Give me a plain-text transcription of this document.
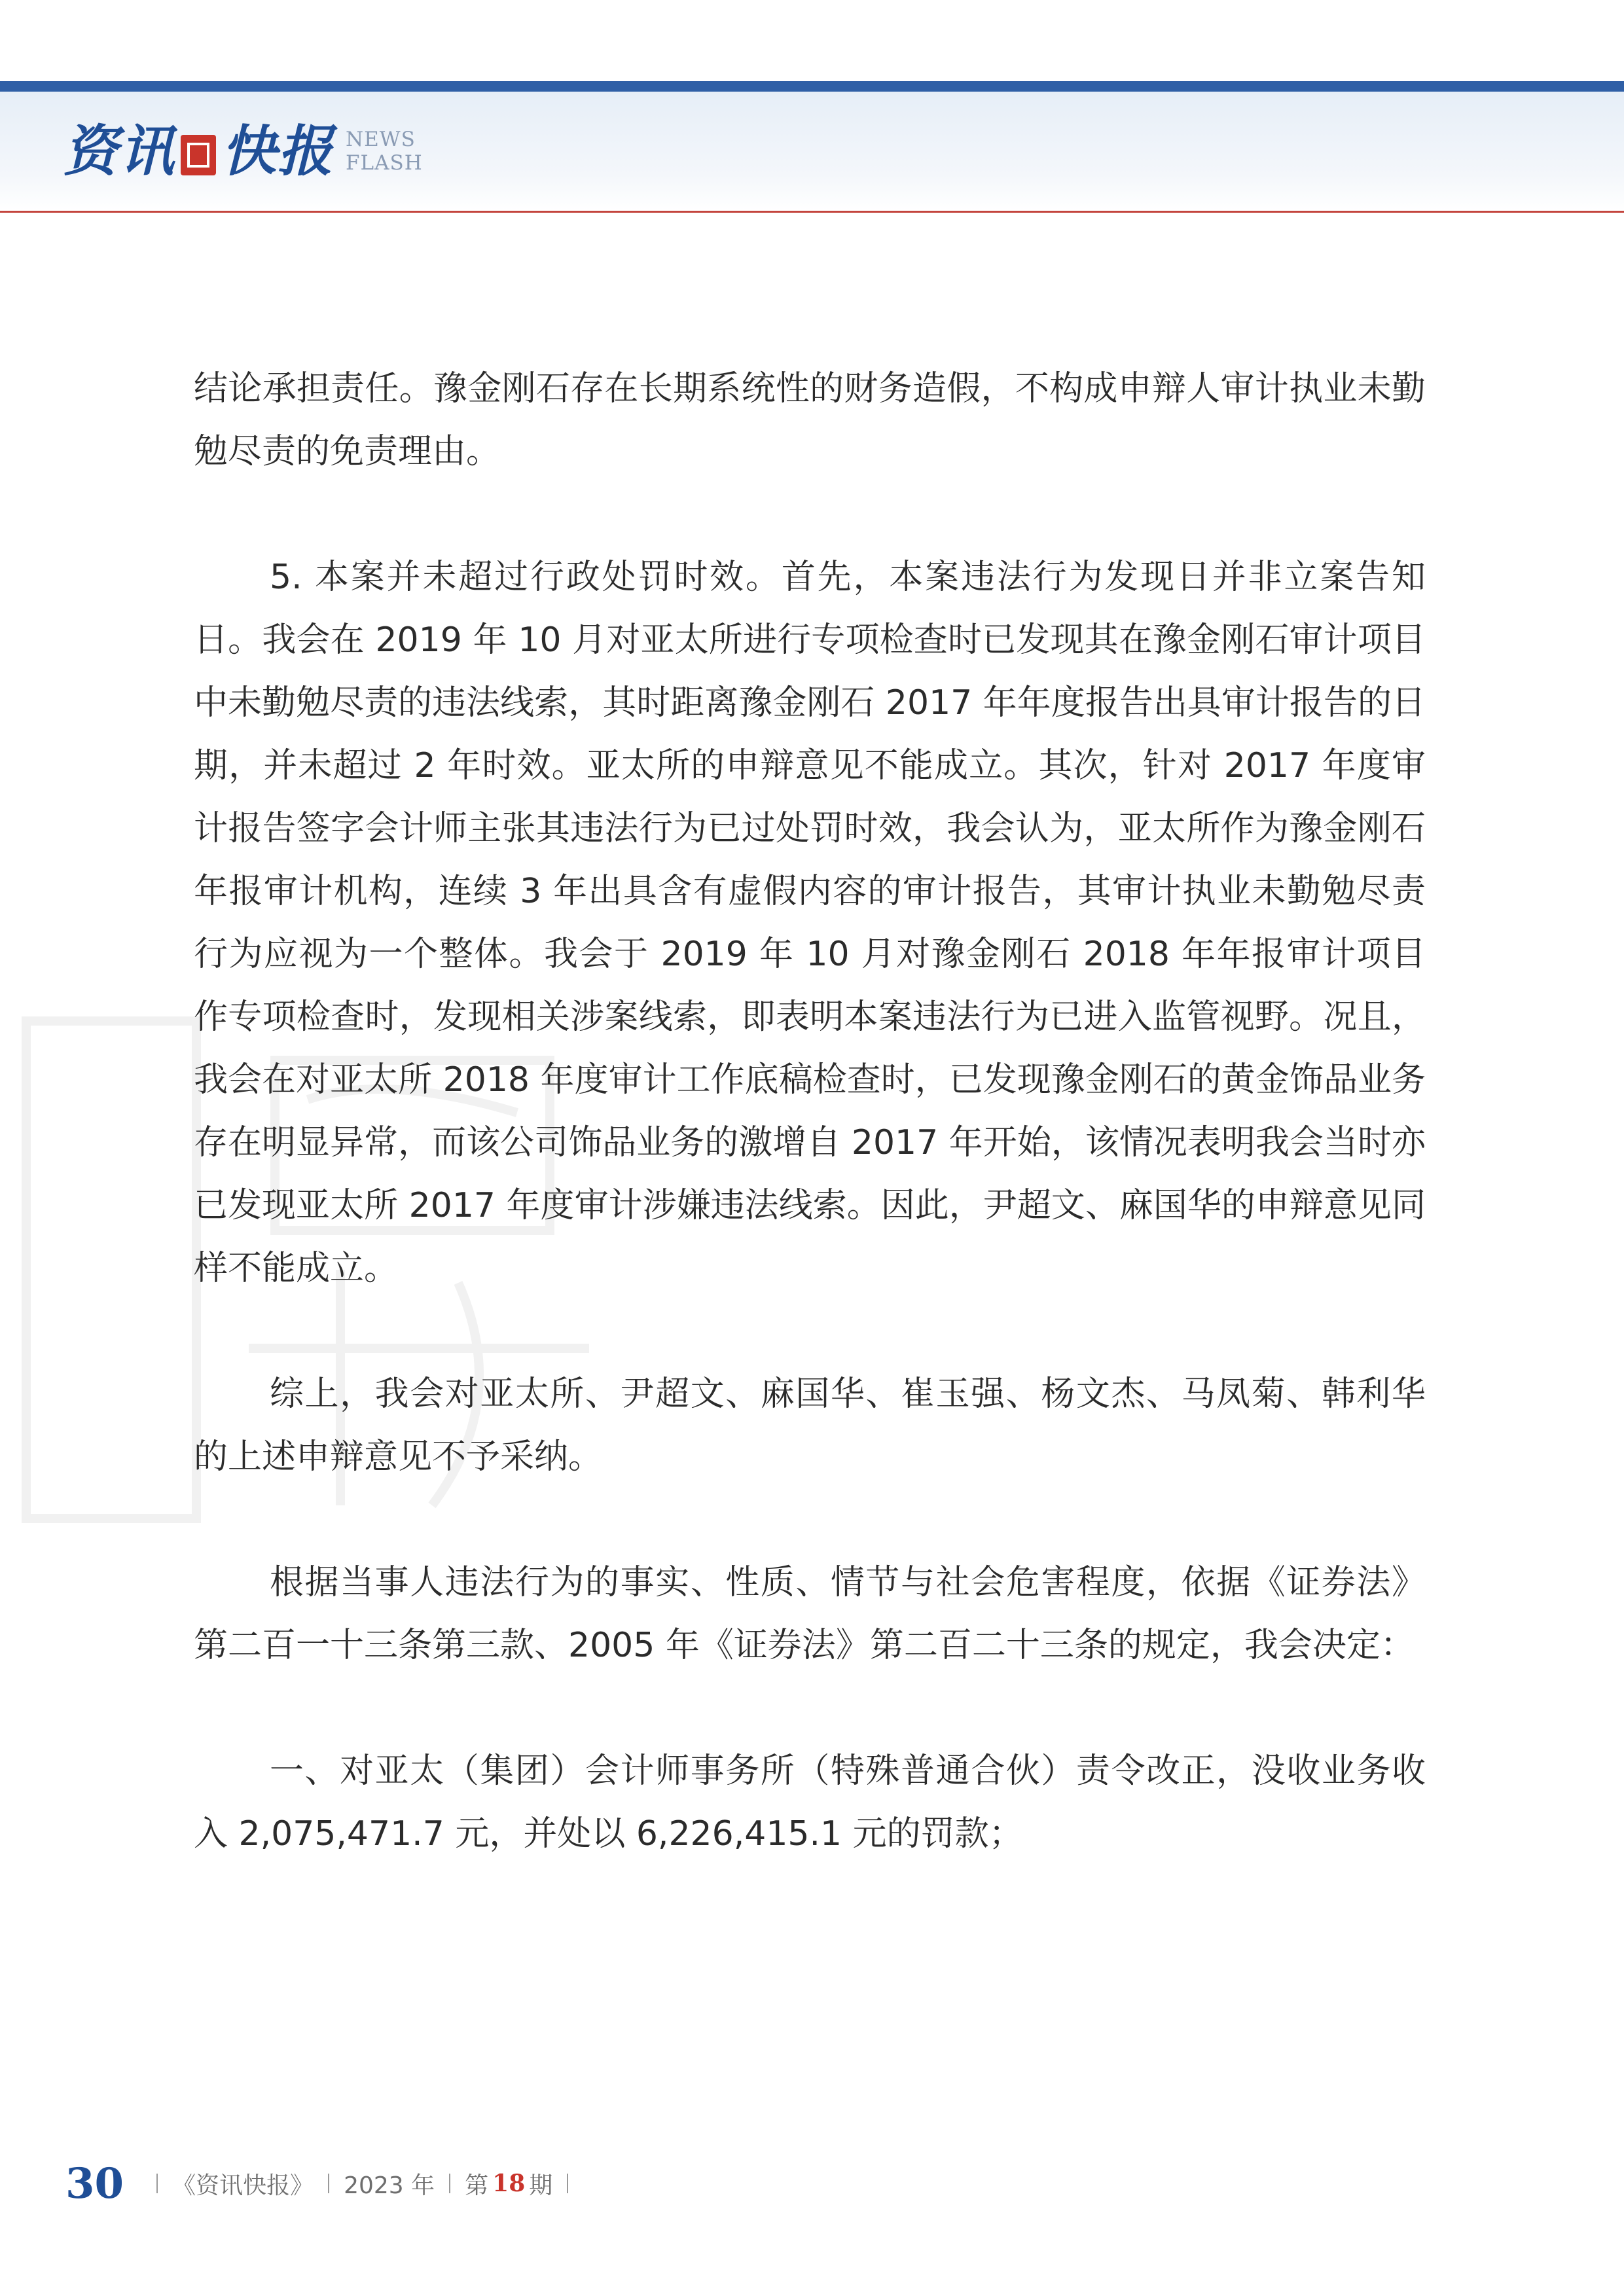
资讯 快报 NEWS
FLASH

结论承担责任。豫金刚石存在长期系统性的财务造假，不构成申辩人审计执业未勤勉尽责的免责理由。

5. 本案并未超过行政处罚时效。首先，本案违法行为发现日并非立案告知日。我会在 2019 年 10 月对亚太所进行专项检查时已发现其在豫金刚石审计项目中未勤勉尽责的违法线索，其时距离豫金刚石 2017 年年度报告出具审计报告的日期，并未超过 2 年时效。亚太所的申辩意见不能成立。其次，针对 2017 年度审计报告签字会计师主张其违法行为已过处罚时效，我会认为，亚太所作为豫金刚石年报审计机构，连续 3 年出具含有虚假内容的审计报告，其审计执业未勤勉尽责行为应视为一个整体。我会于 2019 年 10 月对豫金刚石 2018 年年报审计项目作专项检查时，发现相关涉案线索，即表明本案违法行为已进入监管视野。况且，我会在对亚太所 2018 年度审计工作底稿检查时，已发现豫金刚石的黄金饰品业务存在明显异常，而该公司饰品业务的激增自 2017 年开始，该情况表明我会当时亦已发现亚太所 2017 年度审计涉嫌违法线索。因此，尹超文、麻国华的申辩意见同样不能成立。

综上，我会对亚太所、尹超文、麻国华、崔玉强、杨文杰、马凤菊、韩利华的上述申辩意见不予采纳。

根据当事人违法行为的事实、性质、情节与社会危害程度，依据《证券法》第二百一十三条第三款、2005 年《证券法》第二百二十三条的规定，我会决定：

一、对亚太（集团）会计师事务所（特殊普通合伙）责令改正，没收业务收入 2,075,471.7 元，并处以 6,226,415.1 元的罚款；

30 《资讯快报》 2023 年 第 18 期
